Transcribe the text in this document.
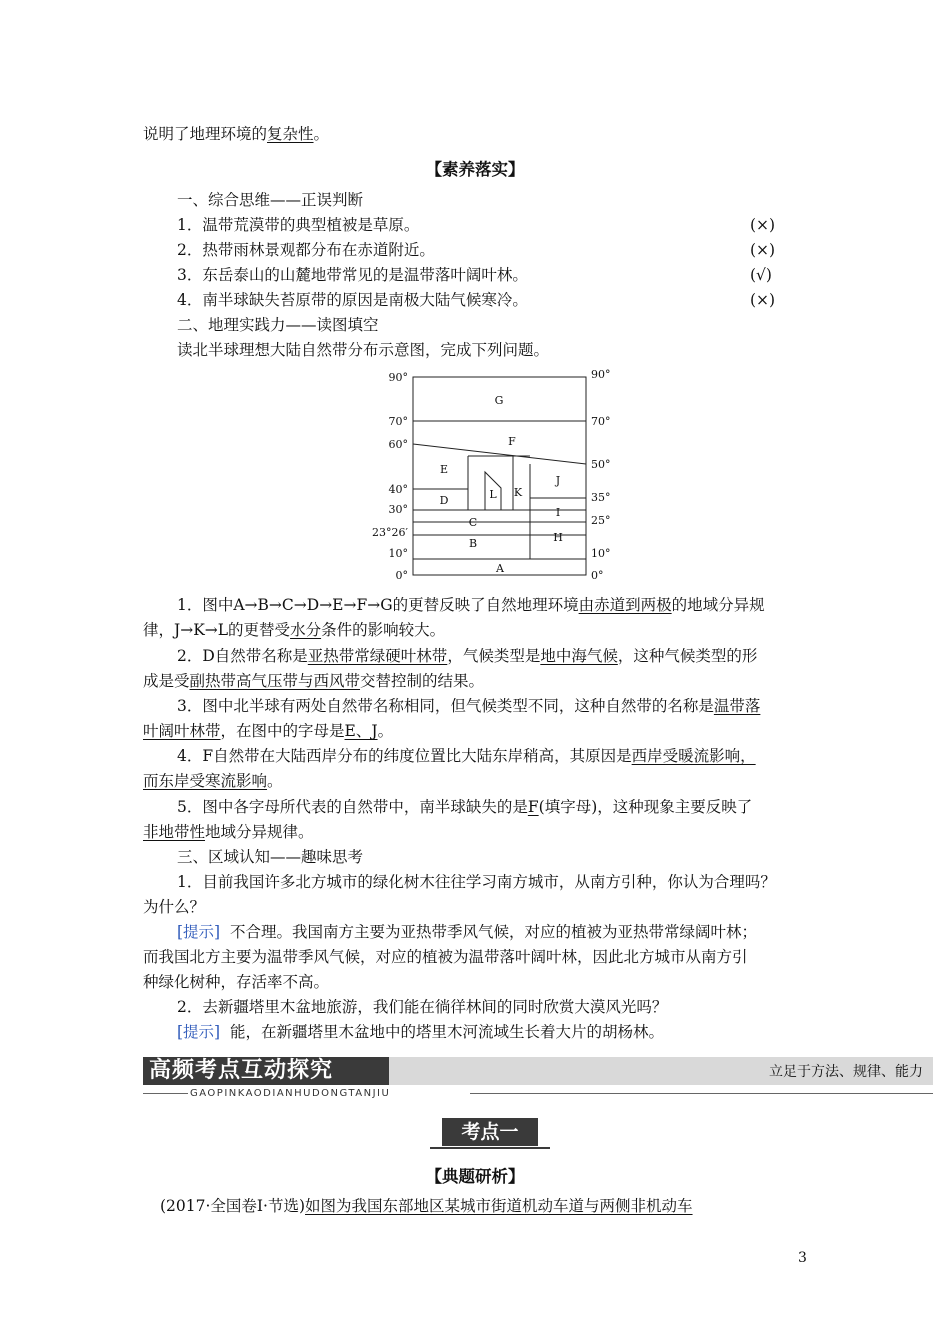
说明了地理环境的复杂性。
【素养落实】
一、综合思维——正误判断
1．温带荒漠带的典型植被是草原。	(×)
2．热带雨林景观都分布在赤道附近。	(×)
3．东岳泰山的山麓地带常见的是温带落叶阔叶林。	(√)
4．南半球缺失苔原带的原因是南极大陆气候寒冷。	(×)
二、地理实践力——读图填空
读北半球理想大陆自然带分布示意图，完成下列问题。
90°
70°
60°
40°
30°
23°26′
10°
0°
90°
70°
50°
35°
25°
10°
0°
G
F
E
D	L K
J
I
C
B	H
A
1．图中A→B→C→D→E→F→G的更替反映了自然地理环境由赤道到两极的地域分异规
律，J→K→L的更替受水分条件的影响较大。
2．D自然带名称是亚热带常绿硬叶林带，气候类型是地中海气候，这种气候类型的形
成是受副热带高气压带与西风带交替控制的结果。
3．图中北半球有两处自然带名称相同，但气候类型不同，这种自然带的名称是温带落
叶阔叶林带，在图中的字母是E、J。
4．F自然带在大陆西岸分布的纬度位置比大陆东岸稍高，其原因是西岸受暖流影响，
而东岸受寒流影响。
5．图中各字母所代表的自然带中，南半球缺失的是F(填字母)，这种现象主要反映了
非地带性地域分异规律。
三、区域认知——趣味思考
1．目前我国许多北方城市的绿化树木往往学习南方城市，从南方引种，你认为合理吗？
为什么？
[提示] 不合理。我国南方主要为亚热带季风气候，对应的植被为亚热带常绿阔叶林；
而我国北方主要为温带季风气候，对应的植被为温带落叶阔叶林，因此北方城市从南方引
种绿化树种，存活率不高。
2．去新疆塔里木盆地旅游，我们能在徜徉林间的同时欣赏大漠风光吗？
[提示] 能，在新疆塔里木盆地中的塔里木河流域生长着大片的胡杨林。
高频考点互动探究	立足于方法、规律、能力
GAOPINKAODIANHUDONGTANJIU
考点一
【典题研析】
(2017·全国卷Ⅰ·节选)如图为我国东部地区某城市街道机动车道与两侧非机动车
3
